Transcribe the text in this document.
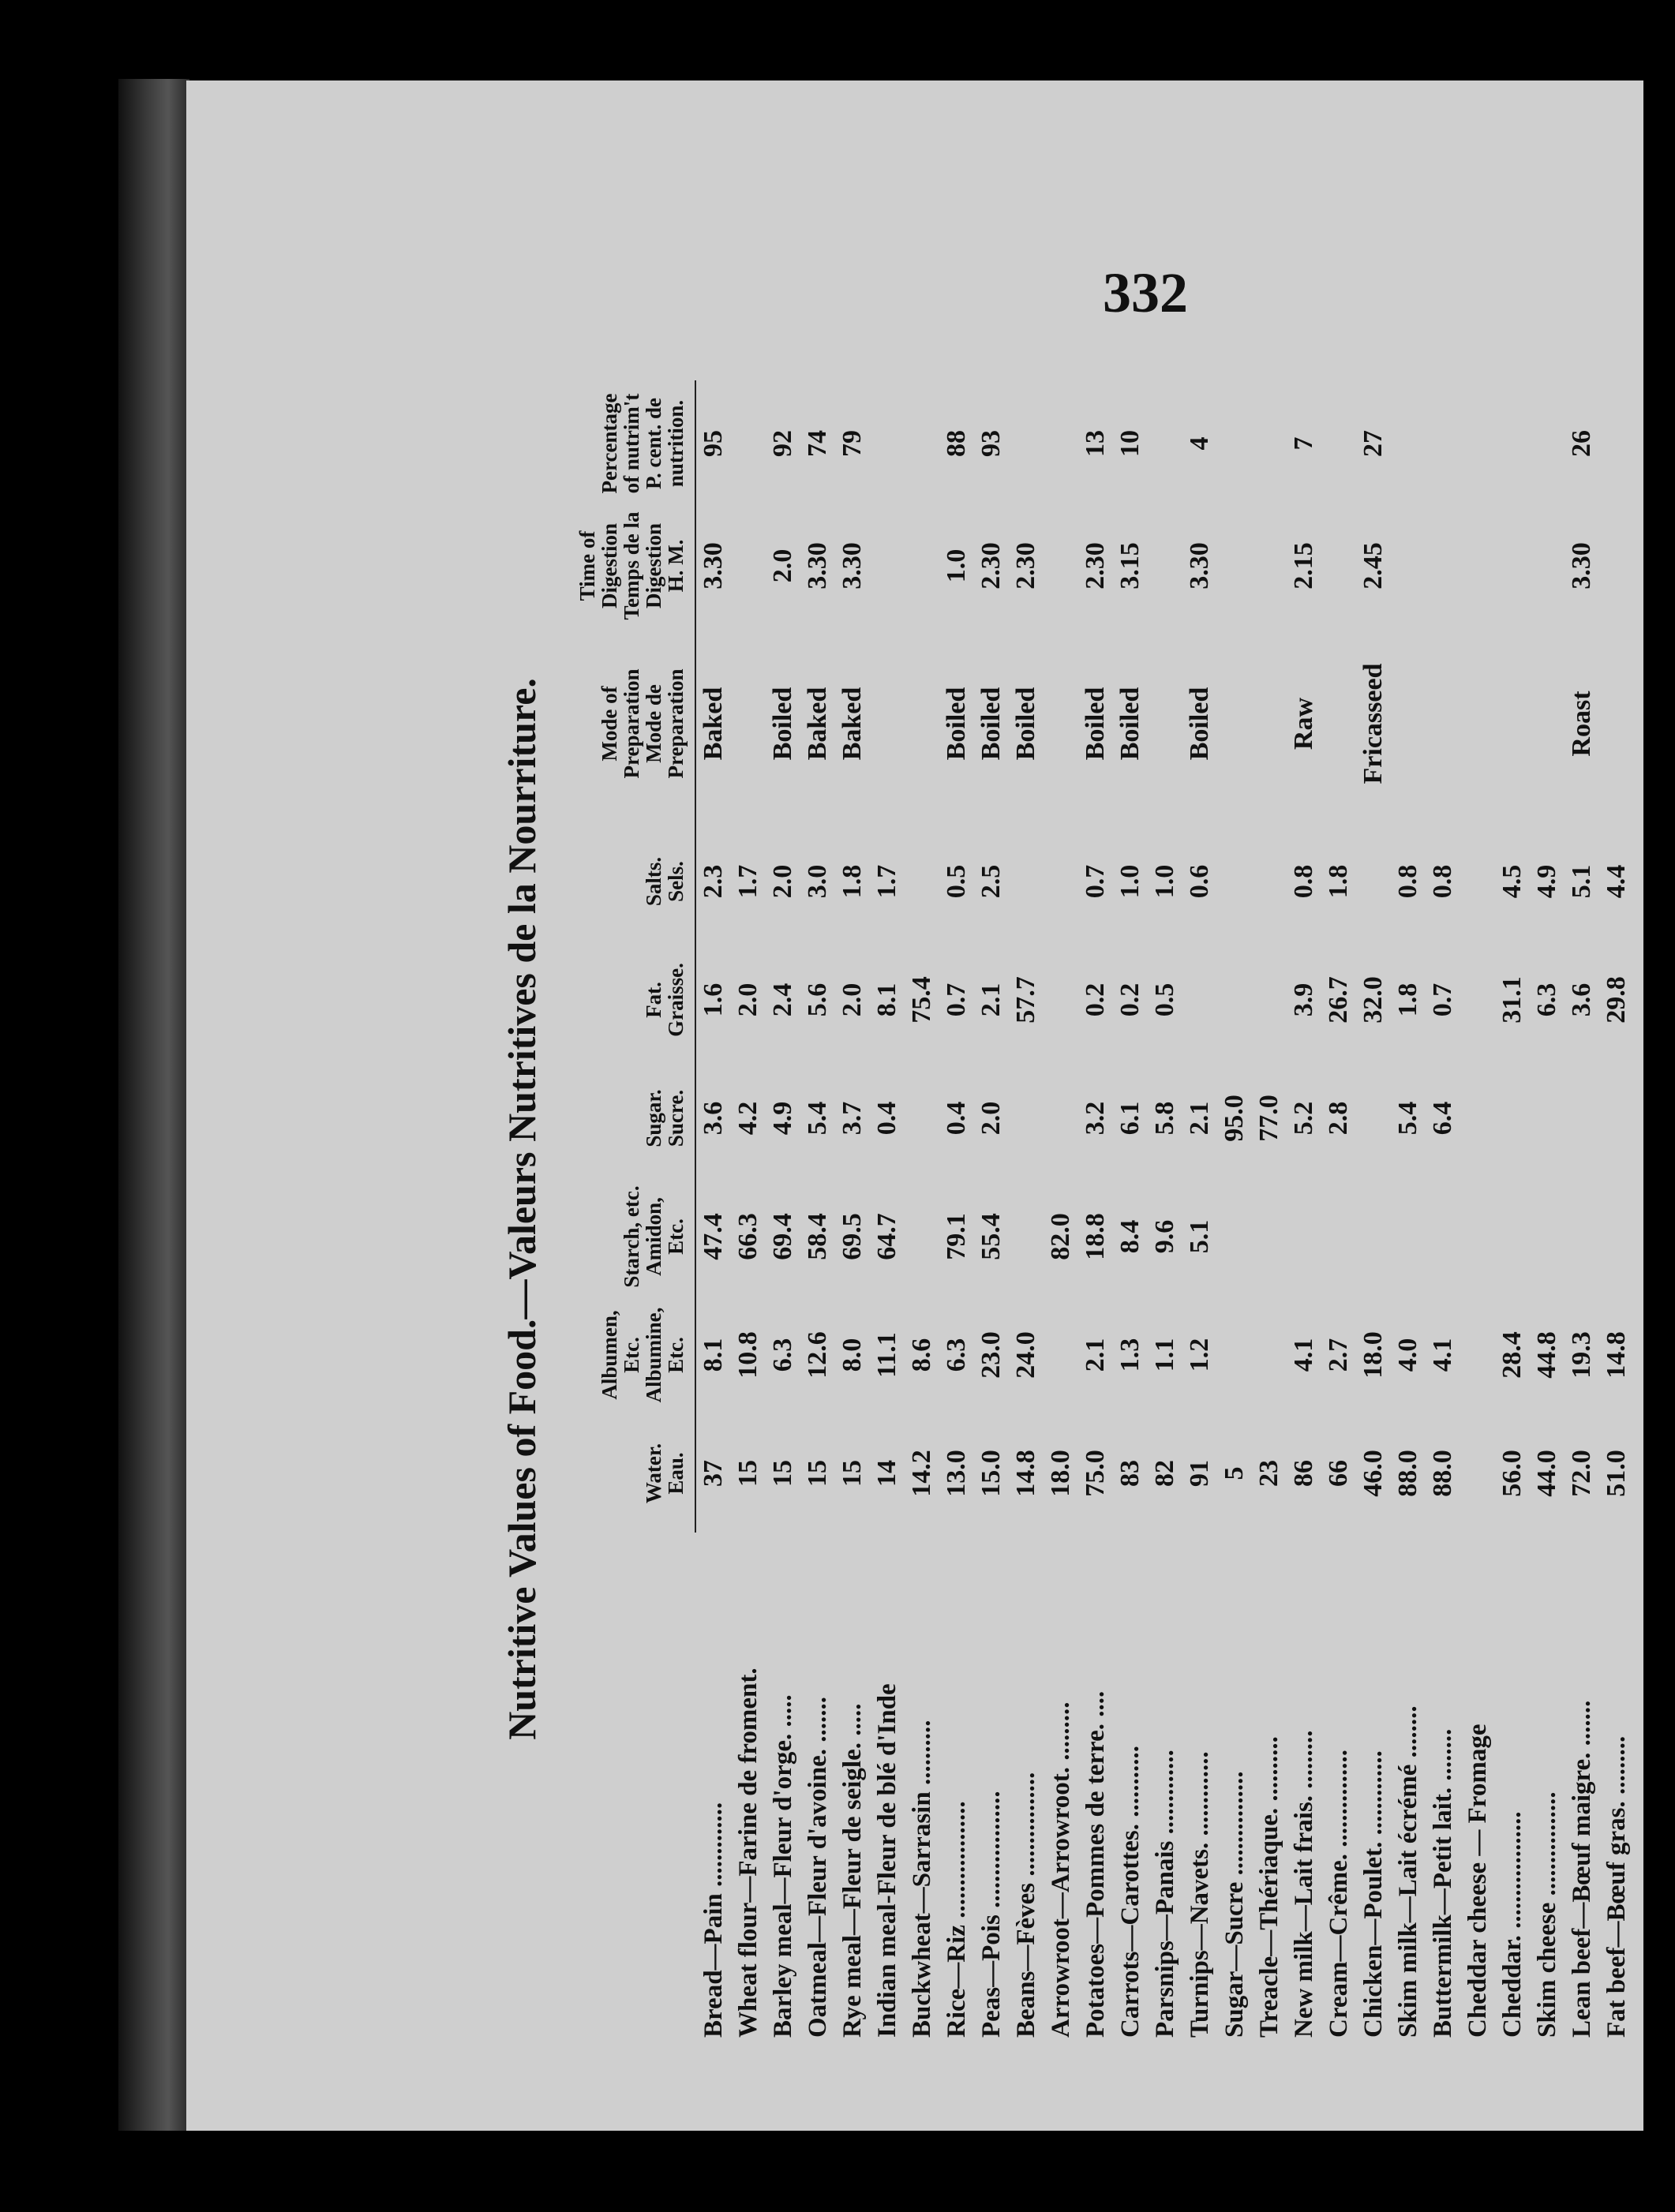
332
Nutritive Values of Food.—Valeurs Nutritives de la Nourriture.
		Water.
Eau.	Albumen,
Etc.
Albumine,
Etc.	Starch, etc.
Amidon,
Etc.	Sugar.
Sucre.	Fat.
Graisse.	Salts.
Sels.	Mode of
Preparation
Mode de
Preparation	Time of
Digestion
Temps de la
Digestion
H. M.	Percentage
of nutrim't
P. cent. de
nutrition.
Bread—Pain .............	37	8.1	47.4	3.6	1.6	2.3	Baked	3.30	95
Wheat flour—Farine de froment.	15	10.8	66.3	4.2	2.0	1.7			
Barley meal—Fleur d'orge. .....	15	6.3	69.4	4.9	2.4	2.0	Boiled	2.0	92
Oatmeal—Fleur d'avoine. .......	15	12.6	58.4	5.4	5.6	3.0	Baked	3.30	74
Rye meal—Fleur de seigle. .....	15	8.0	69.5	3.7	2.0	1.8	Baked	3.30	79
Indian meal-Fleur de blé d'Inde	14	11.1	64.7	0.4	8.1	1.7			
Buckwheat—Sarrasin ..........	14.2	8.6			75.4				
Rice—Riz ..................	13.0	6.3	79.1	0.4	0.7	0.5	Boiled	1.0	88
Peas—Pois ..................	15.0	23.0	55.4	2.0	2.1	2.5	Boiled	2.30	93
Beans—Fèves ................	14.8	24.0			57.7		Boiled	2.30	
Arrowroot—Arrowroot. .........	18.0		82.0						
Potatoes—Pommes de terre. ....	75.0	2.1	18.8	3.2	0.2	0.7	Boiled	2.30	13
Carrots—Carottes. ...........	83	1.3	8.4	6.1	0.2	1.0	Boiled	3.15	10
Parsnips—Panais .............	82	1.1	9.6	5.8	0.5	1.0			
Turnips—Navets. .............	91	1.2	5.1	2.1		0.6	Boiled	3.30	4
Sugar—Sucre ................	5			95.0					
Treacle—Thériaque. ..........	23			77.0					
New milk—Lait frais. .........	86	4.1		5.2	3.9	0.8	Raw	2.15	7
Cream—Crême. ...............	66	2.7		2.8	26.7	1.8			
Chicken—Poulet. .............	46.0	18.0			32.0		Fricasseed	2.45	27
Skim milk—Lait écrémé ........	88.0	4.0		5.4	1.8	0.8			
Buttermilk—Petit lait. ........	88.0	4.1		6.4	0.7	0.8			
Cheddar cheese — Fromage									
Cheddar. ..................	56.0	28.4			31.1	4.5			
Skim cheese ................	44.0	44.8			6.3	4.9			
Lean beef—Bœuf maigre. .......	72.0	19.3			3.6	5.1	Roast	3.30	26
Fat beef—Bœuf gras. .........	51.0	14.8			29.8	4.4			
